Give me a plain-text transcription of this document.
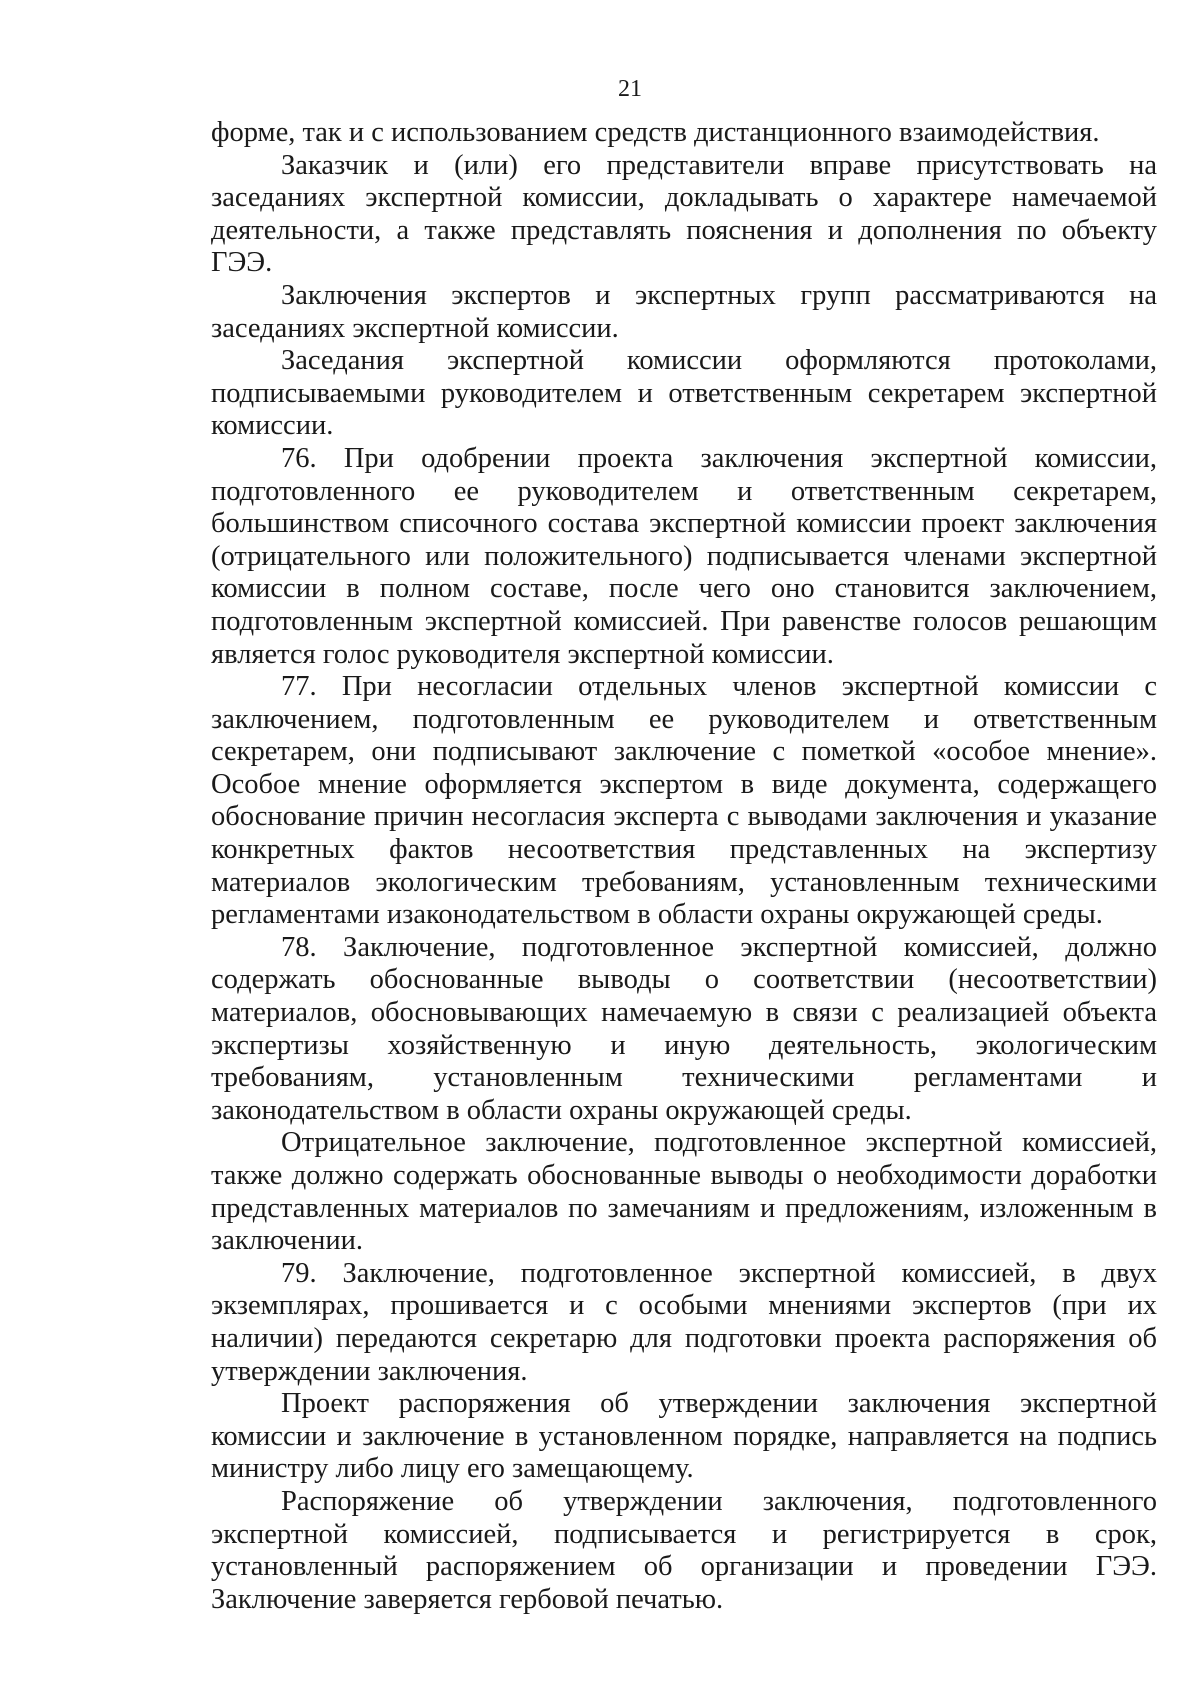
21

форме, так и с использованием средств дистанционного взаимодействия.

Заказчик и (или) его представители вправе присутствовать на заседаниях экспертной комиссии, докладывать о характере намечаемой деятельности, а также представлять пояснения и дополнения по объекту ГЭЭ.

Заключения экспертов и экспертных групп рассматриваются на заседаниях экспертной комиссии.

Заседания экспертной комиссии оформляются протоколами, подписываемыми руководителем и ответственным секретарем экспертной комиссии.

76. При одобрении проекта заключения экспертной комиссии, подготовленного ее руководителем и ответственным секретарем, большинством списочного состава экспертной комиссии проект заключения (отрицательного или положительного) подписывается членами экспертной комиссии в полном составе, после чего оно становится заключением, подготовленным экспертной комиссией. При равенстве голосов решающим является голос руководителя экспертной комиссии.

77. При несогласии отдельных членов экспертной комиссии с заключением, подготовленным ее руководителем и ответственным секретарем, они подписывают заключение с пометкой «особое мнение». Особое мнение оформляется экспертом в виде документа, содержащего обоснование причин несогласия эксперта с выводами заключения и указание конкретных фактов несоответствия представленных на экспертизу материалов экологическим требованиям, установленным техническими регламентами изаконодательством в области охраны окружающей среды.

78. Заключение, подготовленное экспертной комиссией, должно содержать обоснованные выводы о соответствии (несоответствии) материалов, обосновывающих намечаемую в связи с реализацией объекта экспертизы хозяйственную и иную деятельность, экологическим требованиям, установленным техническими регламентами и законодательством в области охраны окружающей среды.

Отрицательное заключение, подготовленное экспертной комиссией, также должно содержать обоснованные выводы о необходимости доработки представленных материалов по замечаниям и предложениям, изложенным в заключении.

79. Заключение, подготовленное экспертной комиссией, в двух экземплярах, прошивается и с особыми мнениями экспертов (при их наличии) передаются секретарю для подготовки проекта распоряжения об утверждении заключения.

Проект распоряжения об утверждении заключения экспертной комиссии и заключение в установленном порядке, направляется на подпись министру либо лицу его замещающему.

Распоряжение об утверждении заключения, подготовленного экспертной комиссией, подписывается и регистрируется в срок, установленный распоряжением об организации и проведении ГЭЭ. Заключение заверяется гербовой печатью.
